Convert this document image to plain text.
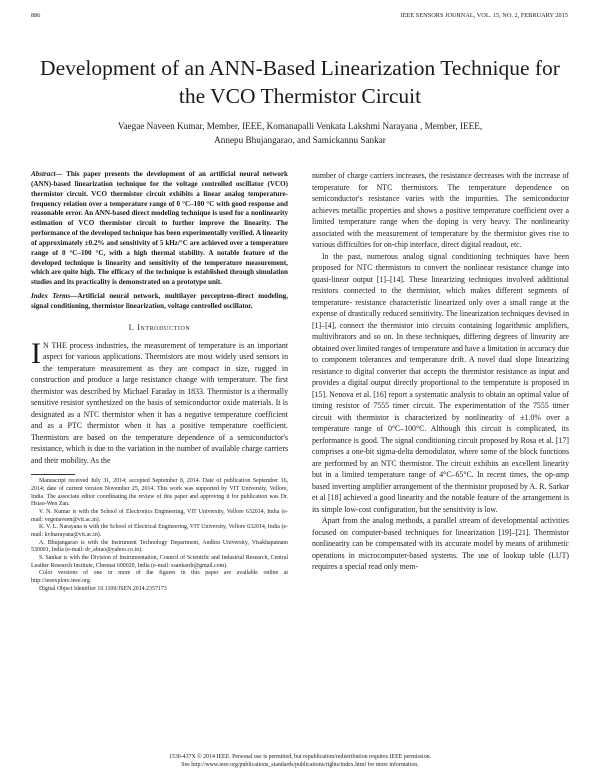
886	IEEE SENSORS JOURNAL, VOL. 15, NO. 2, FEBRUARY 2015
Development of an ANN-Based Linearization Technique for the VCO Thermistor Circuit
Vaegae Naveen Kumar, Member, IEEE, Komanapalli Venkata Lakshmi Narayana , Member, IEEE,
Annepu Bhujangarao, and Samickannu Sankar

Abstract— This paper presents the development of an artificial neural network (ANN)-based linearization technique for the voltage controlled oscillator (VCO) thermistor circuit. VCO thermistor circuit exhibits a linear analog temperature-frequency relation over a temperature range of 0 °C–100 °C with good response and reasonable error. An ANN-based direct modeling technique is used for a nonlinearity estimation of VCO thermistor circuit to further improve the linearity. The performance of the developed technique has been experimentally verified. A linearity of approximately ±0.2% and sensitivity of 5 kHz/°C are achieved over a temperature range of 0 °C–100 °C, with a high thermal stability. A notable feature of the developed technique is linearity and sensitivity of the temperature measurement, which are quite high. The efficacy of the technique is established through simulation studies and its practicality is demonstrated on a prototype unit.

Index Terms—Artificial neural network, multilayer perceptron-direct modeling, signal conditioning, thermistor linearization, voltage controlled oscillator.

I. Introduction

I N THE process industries, the measurement of temperature is an important aspect for various applications. Thermistors are most widely used sensors in the temperature measurement as they are compact in size, rugged in construction and produce a large resistance change with temperature. The first thermistor was described by Michael Faraday in 1833. Thermistor is a thermally sensitive resistor synthesized on the basis of semiconductor oxide materials. It is designated as a NTC thermistor when it has a negative temperature coefficient and as a PTC thermistor when it has a positive temperature coefficient. Thermistors are based on the temperature dependence of a semiconductor's resistance, which is due to the variation in the number of available charge carriers and their mobility. As the

Manuscript received July 31, 2014; accepted September 8, 2014. Date of publication September 16, 2014; date of current version November 25, 2014. This work was supported by VIT University, Vellore, India. The associate editor coordinating the review of this paper and approving it for publication was Dr. Hsiao-Wen Zan.

V. N. Kumar is with the School of Electronics Engineering, VIT University, Vellore 632014, India (e-mail: vegenaveen@vit.ac.in).

K. V. L. Narayana is with the School of Electrical Engineering, VIT University, Vellore 632014, India (e-mail: kvlnarayana@vit.ac.in).

A. Bhujangarao is with the Instrument Technology Department, Andhra University, Visakhapatnam 530001, India (e-mail: dr_abrao@yahoo.co.in).

S. Sankar is with the Division of Instrumentation, Council of Scientific and Industrial Research, Central Leather Research Institute, Chennai 600020, India (e-mail: ssankardr@gmail.com).

Color versions of one or more of the figures in this paper are available online at http://ieeexplore.ieee.org.

Digital Object Identifier 10.1109/JSEN.2014.2357173

number of charge carriers increases, the resistance decreases with the increase of temperature for NTC thermistors. The temperature dependence on semiconductor's resistance varies with the impurities. The semiconductor achieves metallic properties and shows a positive temperature coefficient over a limited temperature range when the doping is very heavy. The nonlinearity associated with the measurement of temperature by the thermistor gives rise to various difficulties for on-chip interface, direct digital readout, etc.

In the past, numerous analog signal conditioning techniques have been proposed for NTC thermistors to convert the nonlinear resistance change into quasi-linear output [1]–[14]. These linearizing techniques involved additional resistors connected to the thermistor, which makes different segments of temperature- resistance characteristic linearized only over a small range at the expense of drastically reduced sensitivity. The linearization techniques devised in [1]–[4], connect the thermistor into circuits containing logarithmic amplifiers, multivibrators and so on. In these techniques, differing degrees of linearity are obtained over limited ranges of temperature and have a limitation in accuracy due to component tolerances and temperature drift. A novel dual slope linearizing resistance to digital converter that accepts the thermistor resistance as input and provides a digital output directly proportional to the temperature is proposed in [15]. Nenova et al. [16] report a systematic analysis to obtain an optimal value of timing resistor of 7555 timer circuit. The experimentation of the 7555 timer circuit with thermistor is characterized by nonlinearity of ±1.0% over a temperature range of 0°C–100°C. Although this circuit is complicated, its performance is good. The signal conditioning circuit proposed by Rosa et al. [17] comprises a one-bit sigma-delta demodulator, where some of the block functions are performed by an NTC thermistor. The circuit exhibits an excellent linearity but in a limited temperature range of 4°C–65°C. In recent times, the op-amp based inverting amplifier arrangement of the thermistor proposed by A. R. Sarkar et al [18] achieved a good linearity and the notable feature of the arrangement is its simple low-cost configuration, but the sensitivity is low.

Apart from the analog methods, a parallel stream of developmental activities focused on computer-based techniques for linearization [19]–[21]. Thermistor nonlinearity can be compensated with its accurate model by means of arithmetic operations in microcomputer-based systems. The use of lookup table (LUT) requires a special read only mem-

1530-437X © 2014 IEEE. Personal use is permitted, but republication/redistribution requires IEEE permission.
See http://www.ieee.org/publications_standards/publications/rights/index.html for more information.
